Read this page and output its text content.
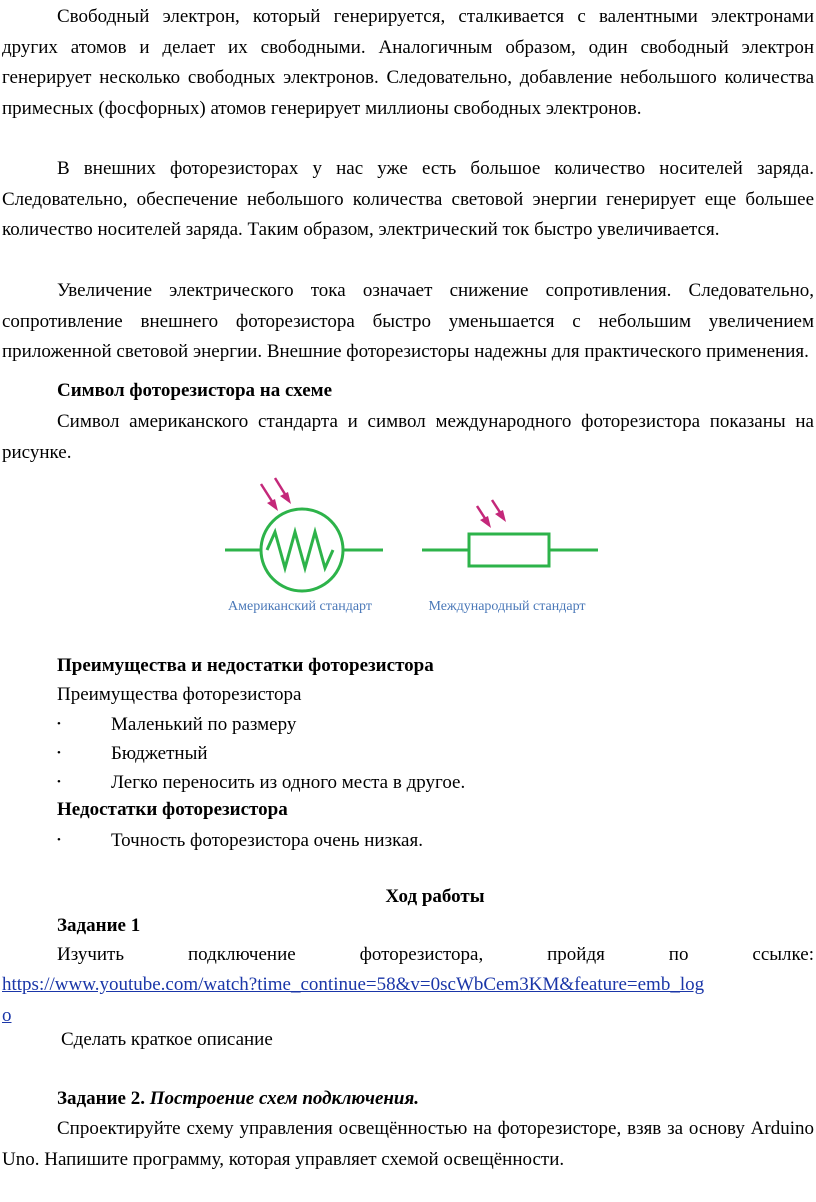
Свободный электрон, который генерируется, сталкивается с валентными электронами других атомов и делает их свободными. Аналогичным образом, один свободный электрон генерирует несколько свободных электронов. Следовательно, добавление небольшого количества примесных (фосфорных) атомов генерирует миллионы свободных электронов.

В внешних фоторезисторах у нас уже есть большое количество носителей заряда. Следовательно, обеспечение небольшого количества световой энергии генерирует еще большее количество носителей заряда. Таким образом, электрический ток быстро увеличивается.

Увеличение электрического тока означает снижение сопротивления. Следовательно, сопротивление внешнего фоторезистора быстро уменьшается с небольшим увеличением приложенной световой энергии. Внешние фоторезисторы надежны для практического применения.

Символ фоторезистора на схеме

Символ американского стандарта и символ международного фоторезистора показаны на рисунке.

Американский стандарт	Международный стандарт

Преимущества и недостатки фоторезистора

Преимущества фоторезистора

•	Маленький по размеру
•	Бюджетный
•	Легко переносить из одного места в другое.

Недостатки фоторезистора

•	Точность фоторезистора очень низкая.

Ход работы

Задание 1

Изучить подключение фоторезистора, пройдя по ссылке:

https://www.youtube.com/watch?time_continue=58&v=0scWbCem3KM&feature=emb_log
o

Сделать краткое описание

Задание 2. Построение схем подключения.

Спроектируйте схему управления освещённостью на фоторезисторе, взяв за основу Arduino Uno. Напишите программу, которая управляет схемой освещённости.
